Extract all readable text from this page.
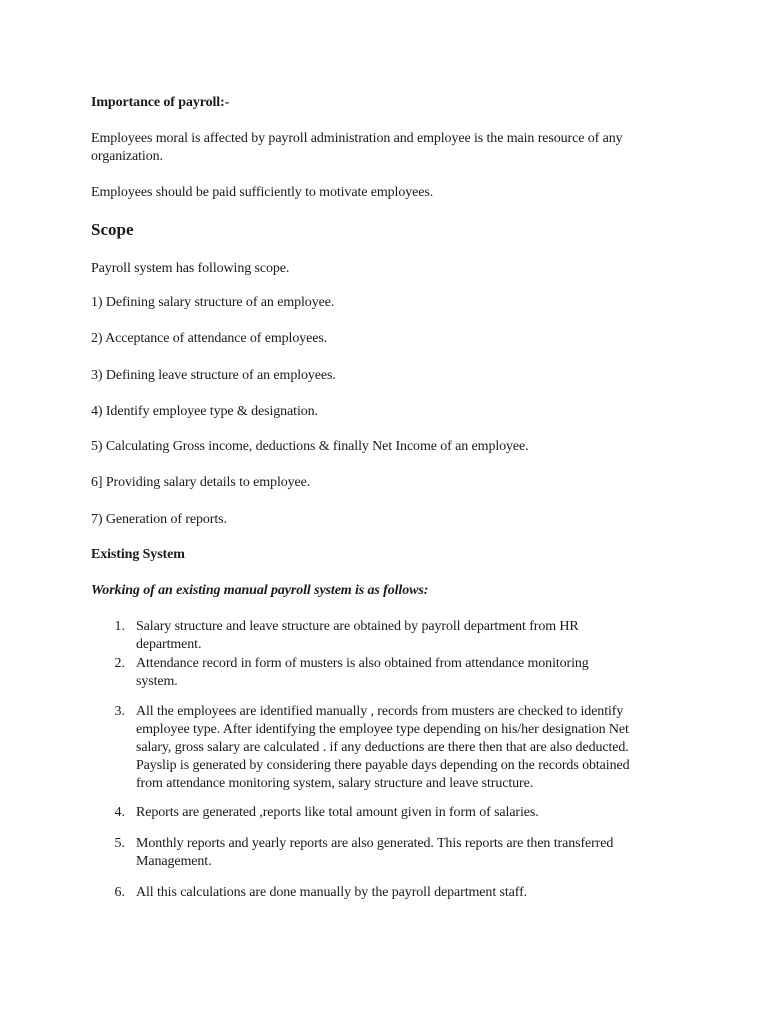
Importance of payroll:-
Employees moral is affected by payroll administration and employee is the main resource of any
organization.
Employees should be paid sufficiently to motivate employees.
Scope
Payroll system has following scope.
1) Defining salary structure of an employee.
2) Acceptance of attendance of employees.
3) Defining leave structure of an employees.
4) Identify employee type & designation.
5) Calculating Gross income, deductions & finally Net Income of an employee.
6] Providing salary details to employee.
7) Generation of reports.
Existing System
Working of an existing manual payroll system is as follows:
1. Salary structure and leave structure are obtained by payroll department from HR
department.
2. Attendance record in form of musters is also obtained from attendance monitoring
system.
3. All the employees are identified manually , records from musters are checked to identify
employee type. After identifying the employee type depending on his/her designation Net
salary, gross salary are calculated . if any deductions are there then that are also deducted.
Payslip is generated by considering there payable days depending on the records obtained
from attendance monitoring system, salary structure and leave structure.
4. Reports are generated ,reports like total amount given in form of salaries.
5. Monthly reports and yearly reports are also generated. This reports are then transferred
Management.
6. All this calculations are done manually by the payroll department staff.
